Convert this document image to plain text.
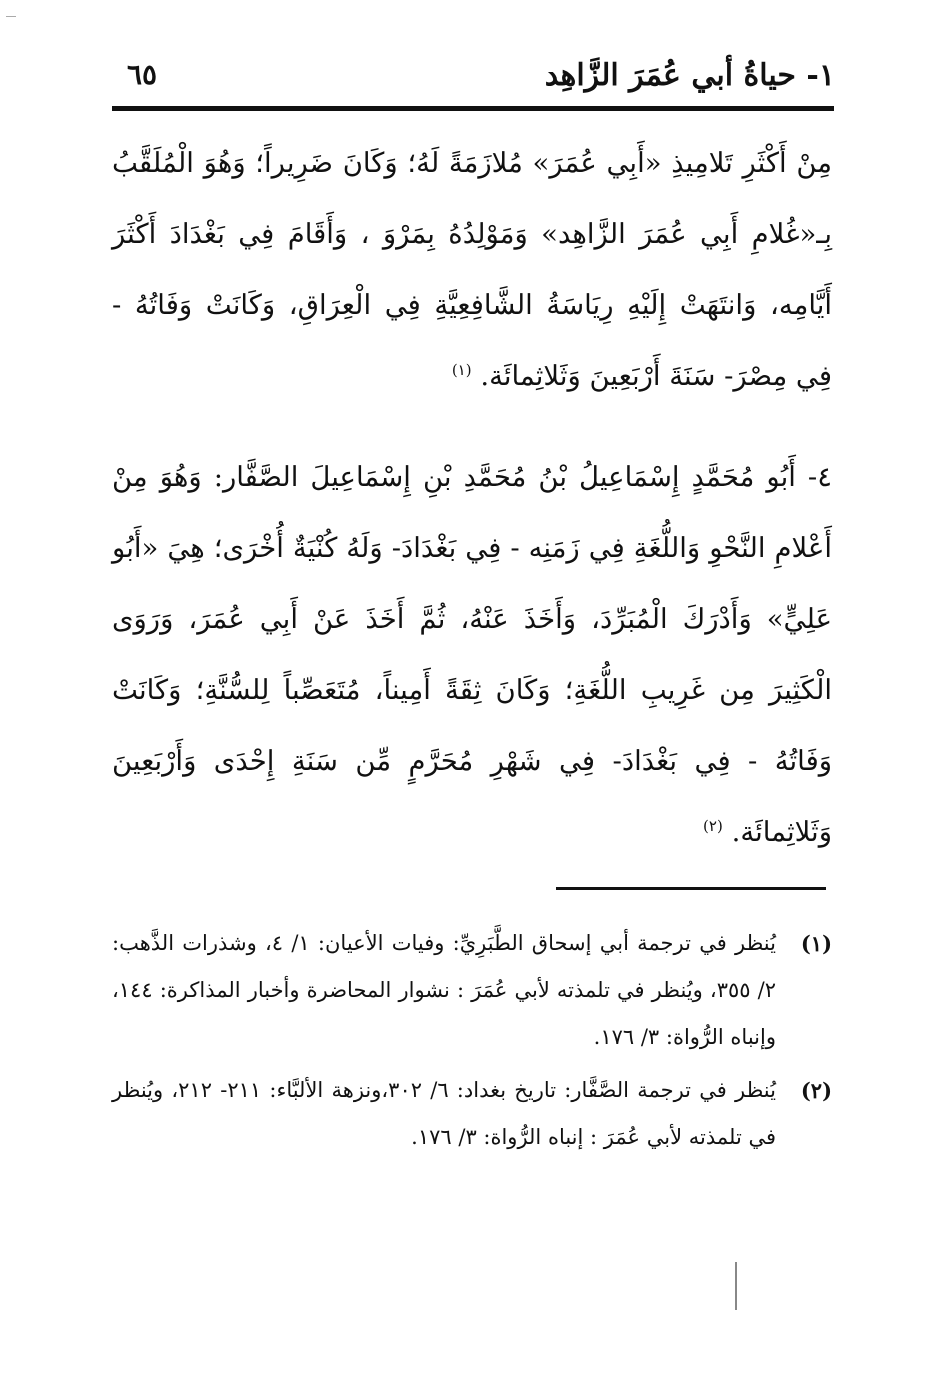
١- حياةُ أبي عُمَرَ الزَّاهِد
٦٥

مِنْ أَكْثَرِ تَلامِيذِ «أَبِي عُمَرَ» مُلازَمَةً لَهُ؛ وَكَانَ ضَرِيراً؛ وَهُوَ الْمُلَقَّبُ بِـ«غُلامِ أَبِي عُمَرَ الزَّاهِد» وَمَوْلِدُهُ بِمَرْوَ ، وَأَقَامَ فِي بَغْدَادَ أَكْثَرَ أَيَّامِه، وَانتَهَتْ إِلَيْهِ رِيَاسَةُ الشَّافِعِيَّةِ فِي الْعِرَاقِ، وَكَانَتْ وَفَاتُهُ - فِي مِصْرَ- سَنَةَ أَرْبَعِينَ وَثَلاثِمائَة. $^{(١)}$

٤- أَبُو مُحَمَّدٍ إِسْمَاعِيلُ بْنُ مُحَمَّدِ بْنِ إِسْمَاعِيلَ الصَّفَّار: وَهُوَ مِنْ أَعْلامِ النَّحْوِ وَاللُّغَةِ فِي زَمَنِه - فِي بَغْدَادَ- وَلَهُ كُنْيَةٌ أُخْرَى؛ هِيَ «أَبُو عَلِيٍّ» وَأَدْرَكَ الْمُبَرِّدَ، وَأَخَذَ عَنْهُ، ثُمَّ أَخَذَ عَنْ أَبِي عُمَرَ، وَرَوَى الْكَثِيرَ مِن غَرِيبِ اللُّغَةِ؛ وَكَانَ ثِقَةً أَمِيناً، مُتَعَصِّباً لِلسُّنَّةِ؛ وَكَانَتْ وَفَاتُهُ - فِي بَغْدَادَ- فِي شَهْرِ مُحَرَّمٍ مِّن سَنَةِ إِحْدَى وَأَرْبَعِينَ وَثَلاثِمائَة. $^{(٢)}$

(١)
يُنظر في ترجمة أبي إسحاق الطَّبَرِيِّ: وفيات الأعيان: ١/ ٤، وشذرات الذَّهب: ٢/ ٣٥٥، ويُنظر في تلمذته لأبي عُمَرَ : نشوار المحاضرة وأخبار المذاكرة: ١٤٤، وإنباه الرُّواة: ٣/ ١٧٦.
(٢)
يُنظر في ترجمة الصَّفَّار: تاريخ بغداد: ٦/ ٣٠٢،ونزهة الألبَّاء: ٢١١- ٢١٢، ويُنظر في تلمذته لأبي عُمَرَ : إنباه الرُّواة: ٣/ ١٧٦.
